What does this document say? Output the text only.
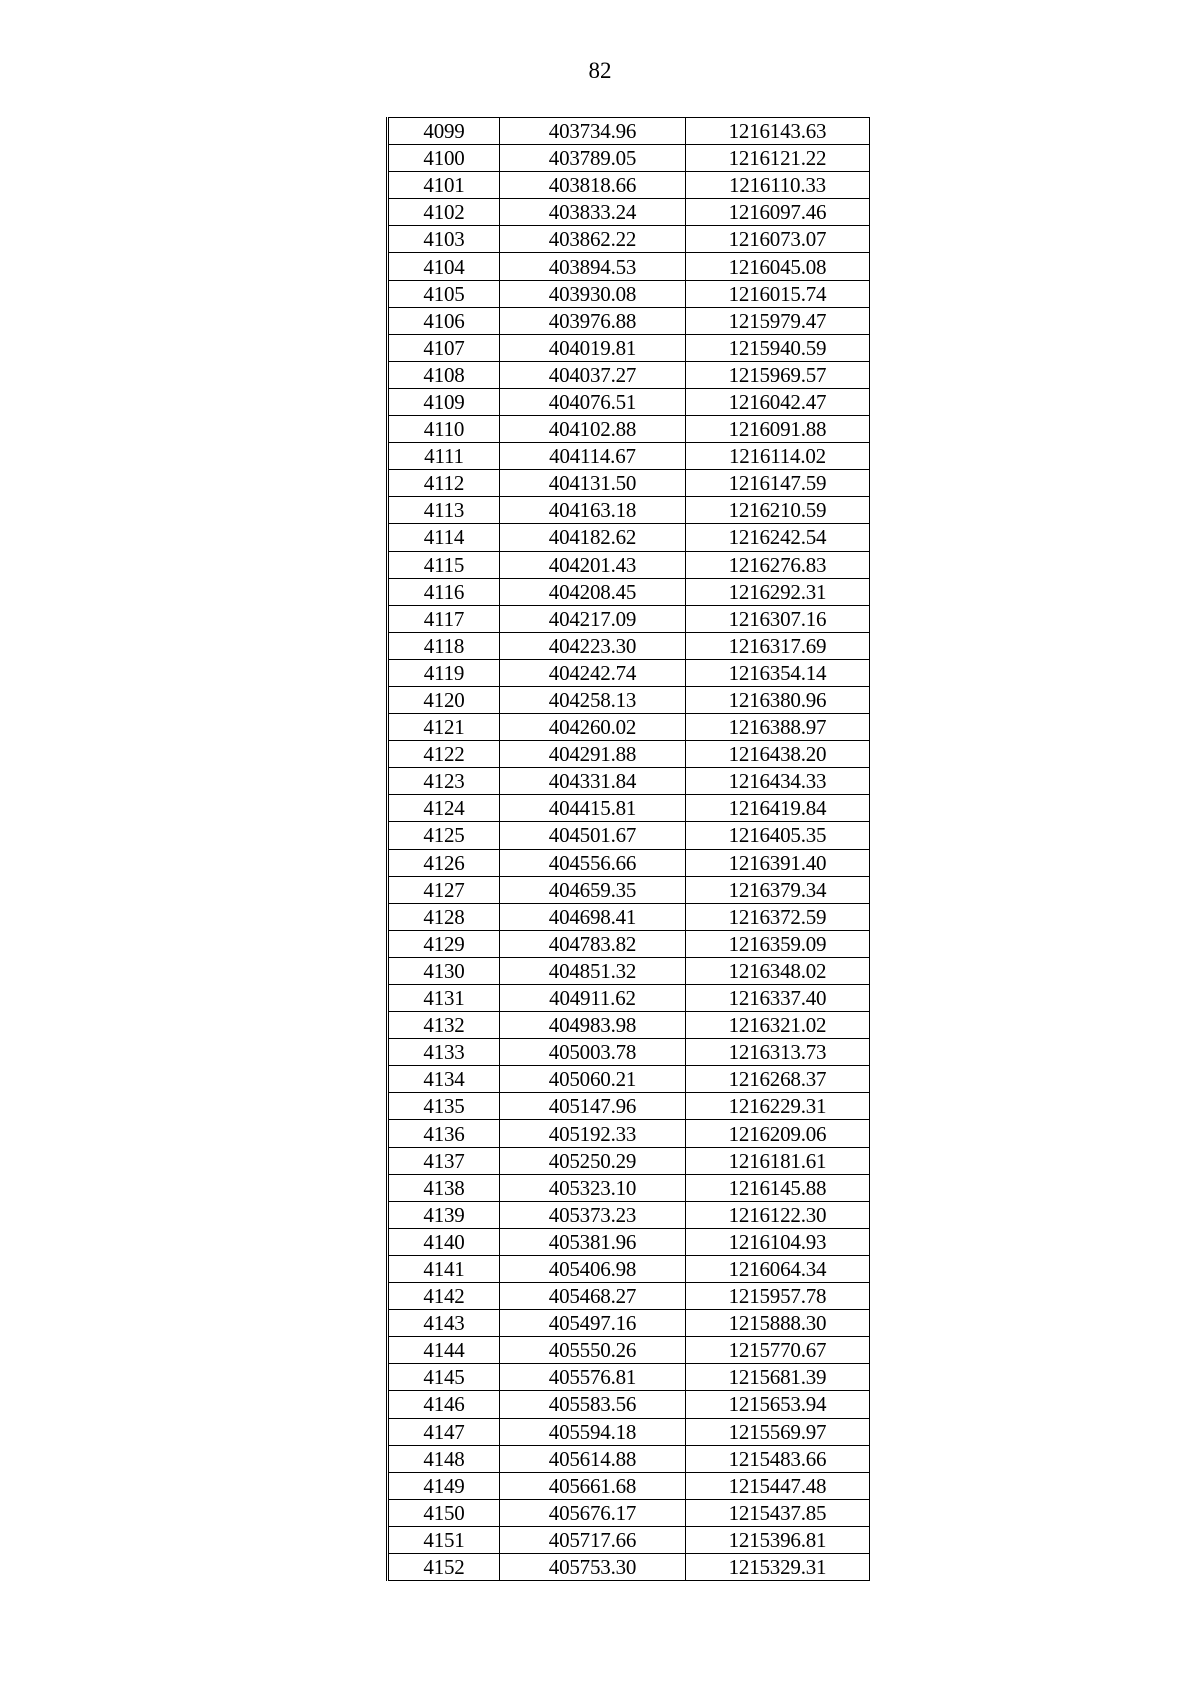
82
4099	403734.96	1216143.63
4100	403789.05	1216121.22
4101	403818.66	1216110.33
4102	403833.24	1216097.46
4103	403862.22	1216073.07
4104	403894.53	1216045.08
4105	403930.08	1216015.74
4106	403976.88	1215979.47
4107	404019.81	1215940.59
4108	404037.27	1215969.57
4109	404076.51	1216042.47
4110	404102.88	1216091.88
4111	404114.67	1216114.02
4112	404131.50	1216147.59
4113	404163.18	1216210.59
4114	404182.62	1216242.54
4115	404201.43	1216276.83
4116	404208.45	1216292.31
4117	404217.09	1216307.16
4118	404223.30	1216317.69
4119	404242.74	1216354.14
4120	404258.13	1216380.96
4121	404260.02	1216388.97
4122	404291.88	1216438.20
4123	404331.84	1216434.33
4124	404415.81	1216419.84
4125	404501.67	1216405.35
4126	404556.66	1216391.40
4127	404659.35	1216379.34
4128	404698.41	1216372.59
4129	404783.82	1216359.09
4130	404851.32	1216348.02
4131	404911.62	1216337.40
4132	404983.98	1216321.02
4133	405003.78	1216313.73
4134	405060.21	1216268.37
4135	405147.96	1216229.31
4136	405192.33	1216209.06
4137	405250.29	1216181.61
4138	405323.10	1216145.88
4139	405373.23	1216122.30
4140	405381.96	1216104.93
4141	405406.98	1216064.34
4142	405468.27	1215957.78
4143	405497.16	1215888.30
4144	405550.26	1215770.67
4145	405576.81	1215681.39
4146	405583.56	1215653.94
4147	405594.18	1215569.97
4148	405614.88	1215483.66
4149	405661.68	1215447.48
4150	405676.17	1215437.85
4151	405717.66	1215396.81
4152	405753.30	1215329.31
